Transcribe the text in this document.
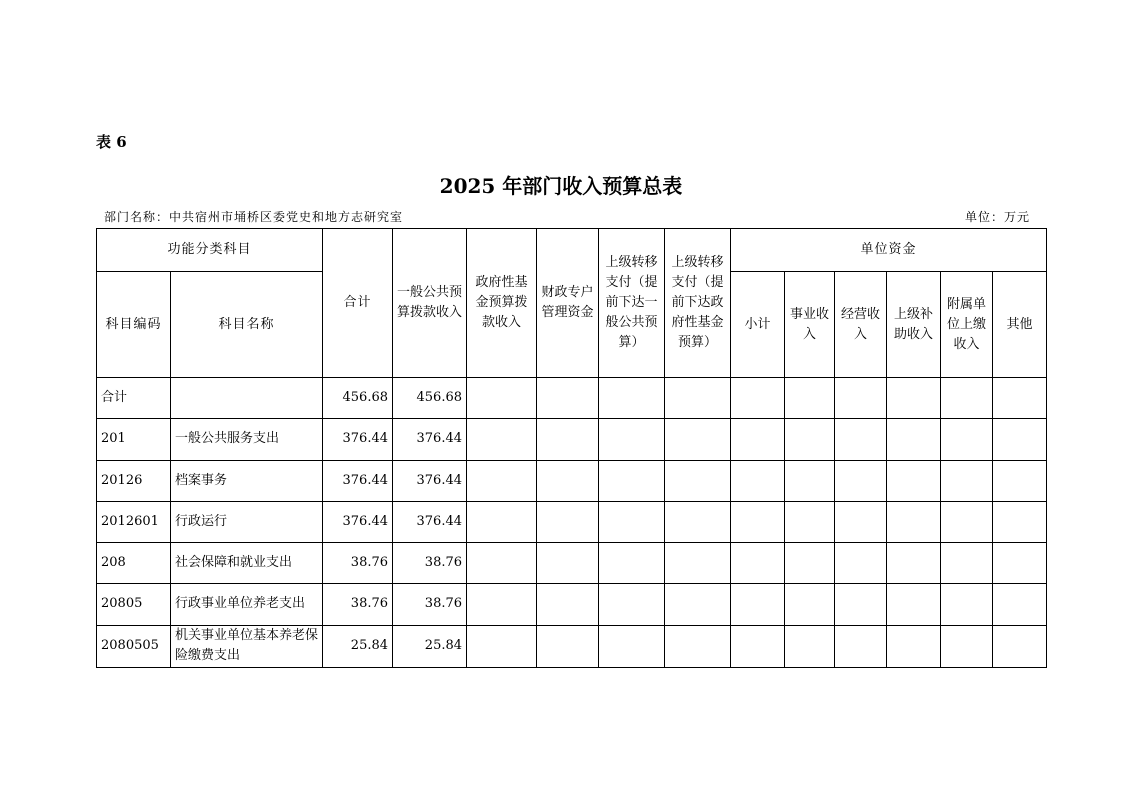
表 6
2025 年部门收入预算总表
部门名称：中共宿州市埇桥区委党史和地方志研究室	单位：万元
功能分类科目		合计	一般公共预算拨款收入	政府性基金预算拨款收入	财政专户管理资金	上级转移支付（提前下达一般公共预算）	上级转移支付（提前下达政府性基金预算）	单位资金					
科目编码	科目名称							小计	事业收入	经营收入	上级补助收入	附属单位上缴收入	其他
合计		456.68	456.68										
201	一般公共服务支出	376.44	376.44										
20126	档案事务	376.44	376.44										
2012601	行政运行	376.44	376.44										
208	社会保障和就业支出	38.76	38.76										
20805	行政事业单位养老支出	38.76	38.76										
2080505	机关事业单位基本养老保险缴费支出	25.84	25.84										
